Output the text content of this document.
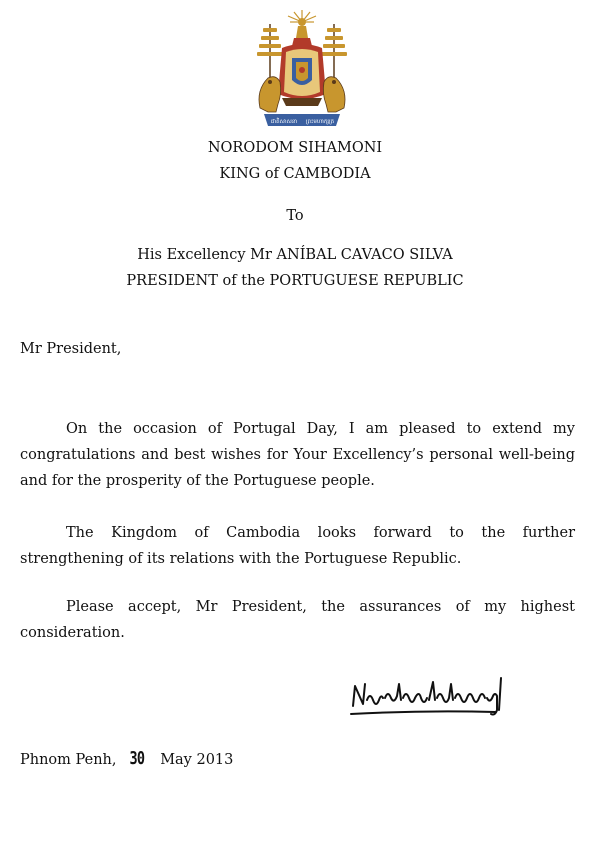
ជាតិសាសនា ព្រះមហាក្សត្រ
NORODOM SIHAMONI
KING of CAMBODIA
To
His Excellency Mr ANÍBAL CAVACO SILVA
PRESIDENT of the PORTUGUESE REPUBLIC
Mr President,

On the occasion of Portugal Day, I am pleased to extend my congratulations and best wishes for Your Excellency’s personal well-being and for the prosperity of the Portuguese people.

The Kingdom of Cambodia looks forward to the further strengthening of its relations with the Portuguese Republic.

Please accept, Mr President, the assurances of my highest consideration.

Phnom Penh, 30 May 2013
